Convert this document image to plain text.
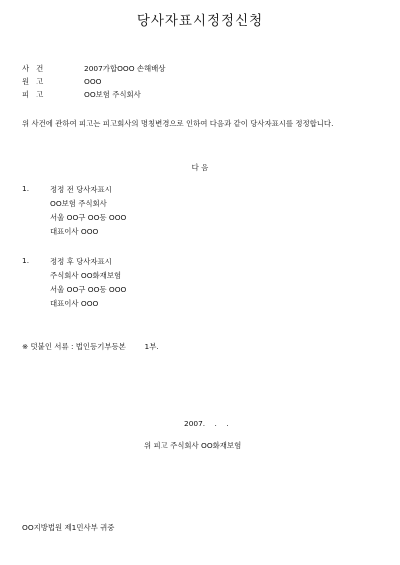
당사자표시정정신청
사건	2007가합OOO 손해배상
원고	OOO
피고	OO보험 주식회사
위 사건에 관하여 피고는 피고회사의 명칭변경으로 인하여 다음과 같이 당사자표시를 정정합니다.
다 음
1.	정정 전 당사자표시
OO보험 주식회사
서울 OO구 OO동 OOO
대표이사 OOO
1.	정정 후 당사자표시
주식회사 OO화재보험
서울 OO구 OO동 OOO
대표이사 OOO
※ 덧붙인 서류 : 법인등기부등본        1부.
2007.    .    .
위 피고 주식회사 OO화재보험
OO지방법원 제1민사부 귀중
